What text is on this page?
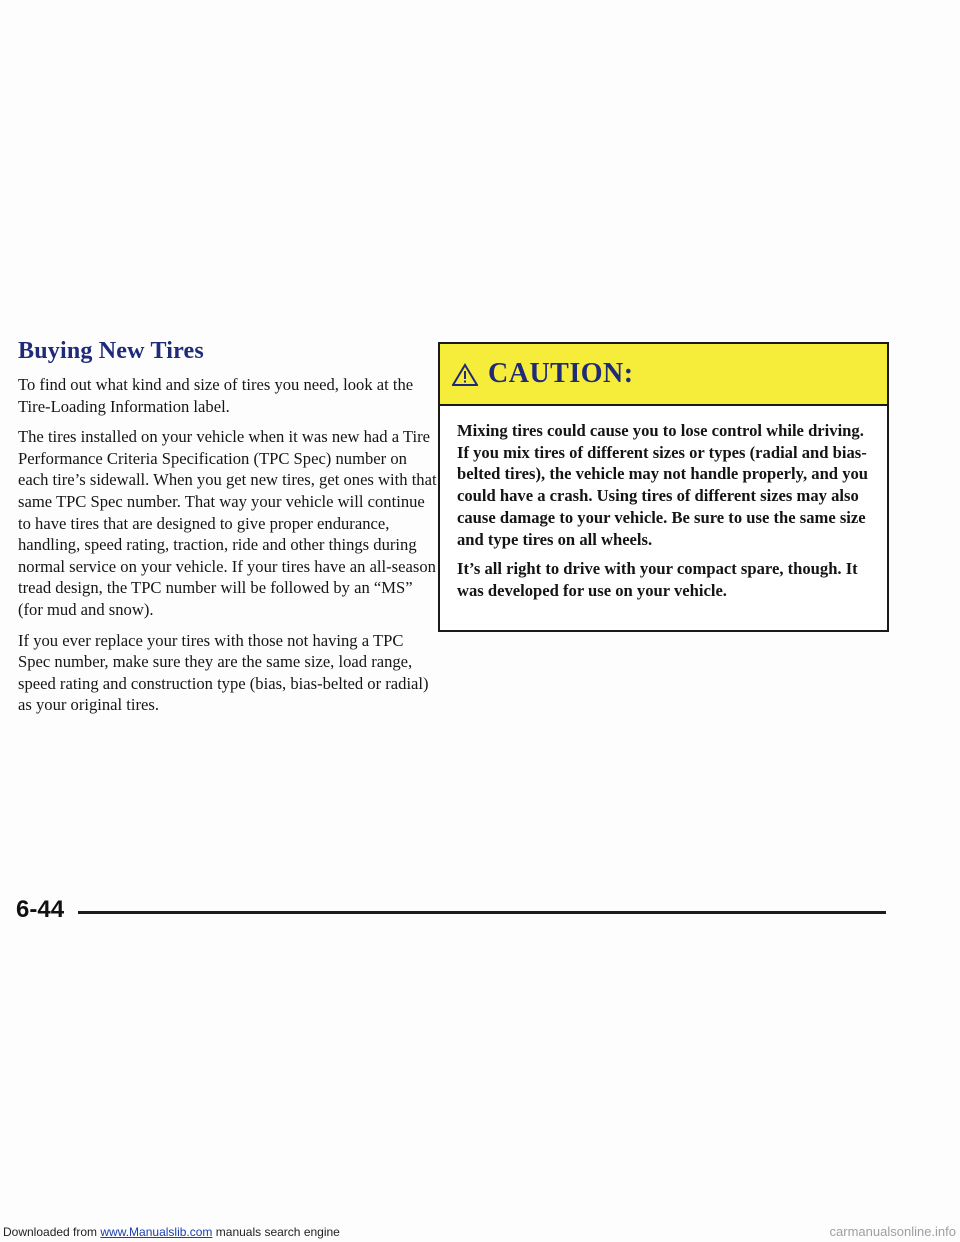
Buying New Tires

To find out what kind and size of tires you need, look at the Tire-Loading Information label.

The tires installed on your vehicle when it was new had a Tire Performance Criteria Specification (TPC Spec) number on each tire’s sidewall. When you get new tires, get ones with that same TPC Spec number. That way your vehicle will continue to have tires that are designed to give proper endurance, handling, speed rating, traction, ride and other things during normal service on your vehicle. If your tires have an all-season tread design, the TPC number will be followed by an “MS” (for mud and snow).

If you ever replace your tires with those not having a TPC Spec number, make sure they are the same size, load range, speed rating and construction type (bias, bias-belted or radial) as your original tires.

CAUTION:

Mixing tires could cause you to lose control while driving. If you mix tires of different sizes or types (radial and bias-belted tires), the vehicle may not handle properly, and you could have a crash. Using tires of different sizes may also cause damage to your vehicle. Be sure to use the same size and type tires on all wheels.

It’s all right to drive with your compact spare, though. It was developed for use on your vehicle.

6-44
Downloaded from www.Manualslib.com manuals search engine	carmanualsonline.info
